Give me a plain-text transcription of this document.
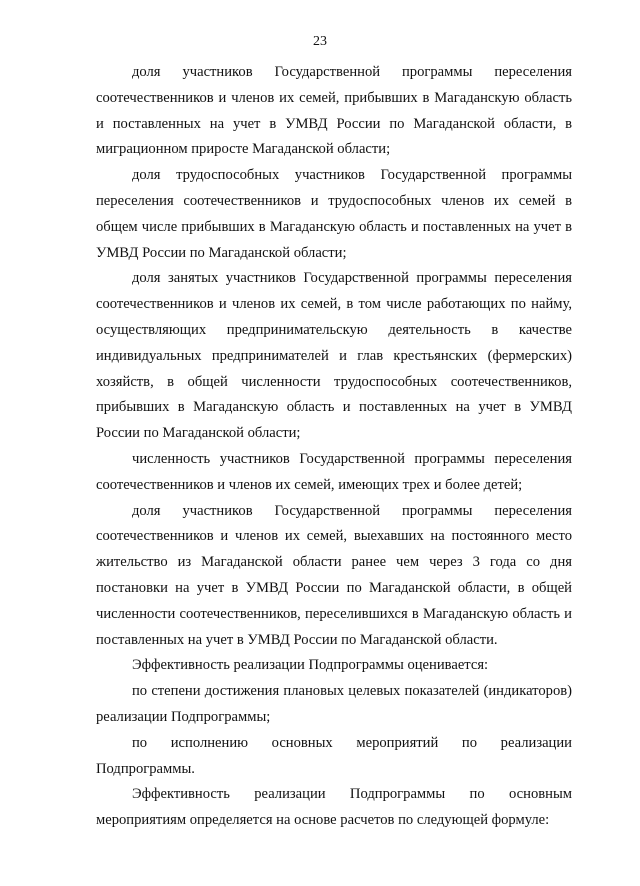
23

доля участников Государственной программы переселения соотечественников и членов их семей, прибывших в Магаданскую область и поставленных на учет в УМВД России по Магаданской области, в миграционном приросте Магаданской области;

доля трудоспособных участников Государственной программы переселения соотечественников и трудоспособных членов их семей в общем числе прибывших в Магаданскую область и поставленных на учет в УМВД России по Магаданской области;

доля занятых участников Государственной программы переселения соотечественников и членов их семей, в том числе работающих по найму, осуществляющих предпринимательскую деятельность в качестве индивидуальных предпринимателей и глав крестьянских (фермерских) хозяйств, в общей численности трудоспособных соотечественников, прибывших в Магаданскую область и поставленных на учет в УМВД России по Магаданской области;

численность участников Государственной программы переселения соотечественников и членов их семей, имеющих трех и более детей;

доля участников Государственной программы переселения соотечественников и членов их семей, выехавших на постоянного место жительство из Магаданской области ранее чем через 3 года со дня постановки на учет в УМВД России по Магаданской области, в общей численности соотечественников, переселившихся в Магаданскую область и поставленных на учет в УМВД России по Магаданской области.

Эффективность реализации Подпрограммы оценивается:

по степени достижения плановых целевых показателей (индикаторов) реализации Подпрограммы;

по исполнению основных мероприятий по реализации Подпрограммы.

Эффективность реализации Подпрограммы по основным мероприятиям определяется на основе расчетов по следующей формуле:
